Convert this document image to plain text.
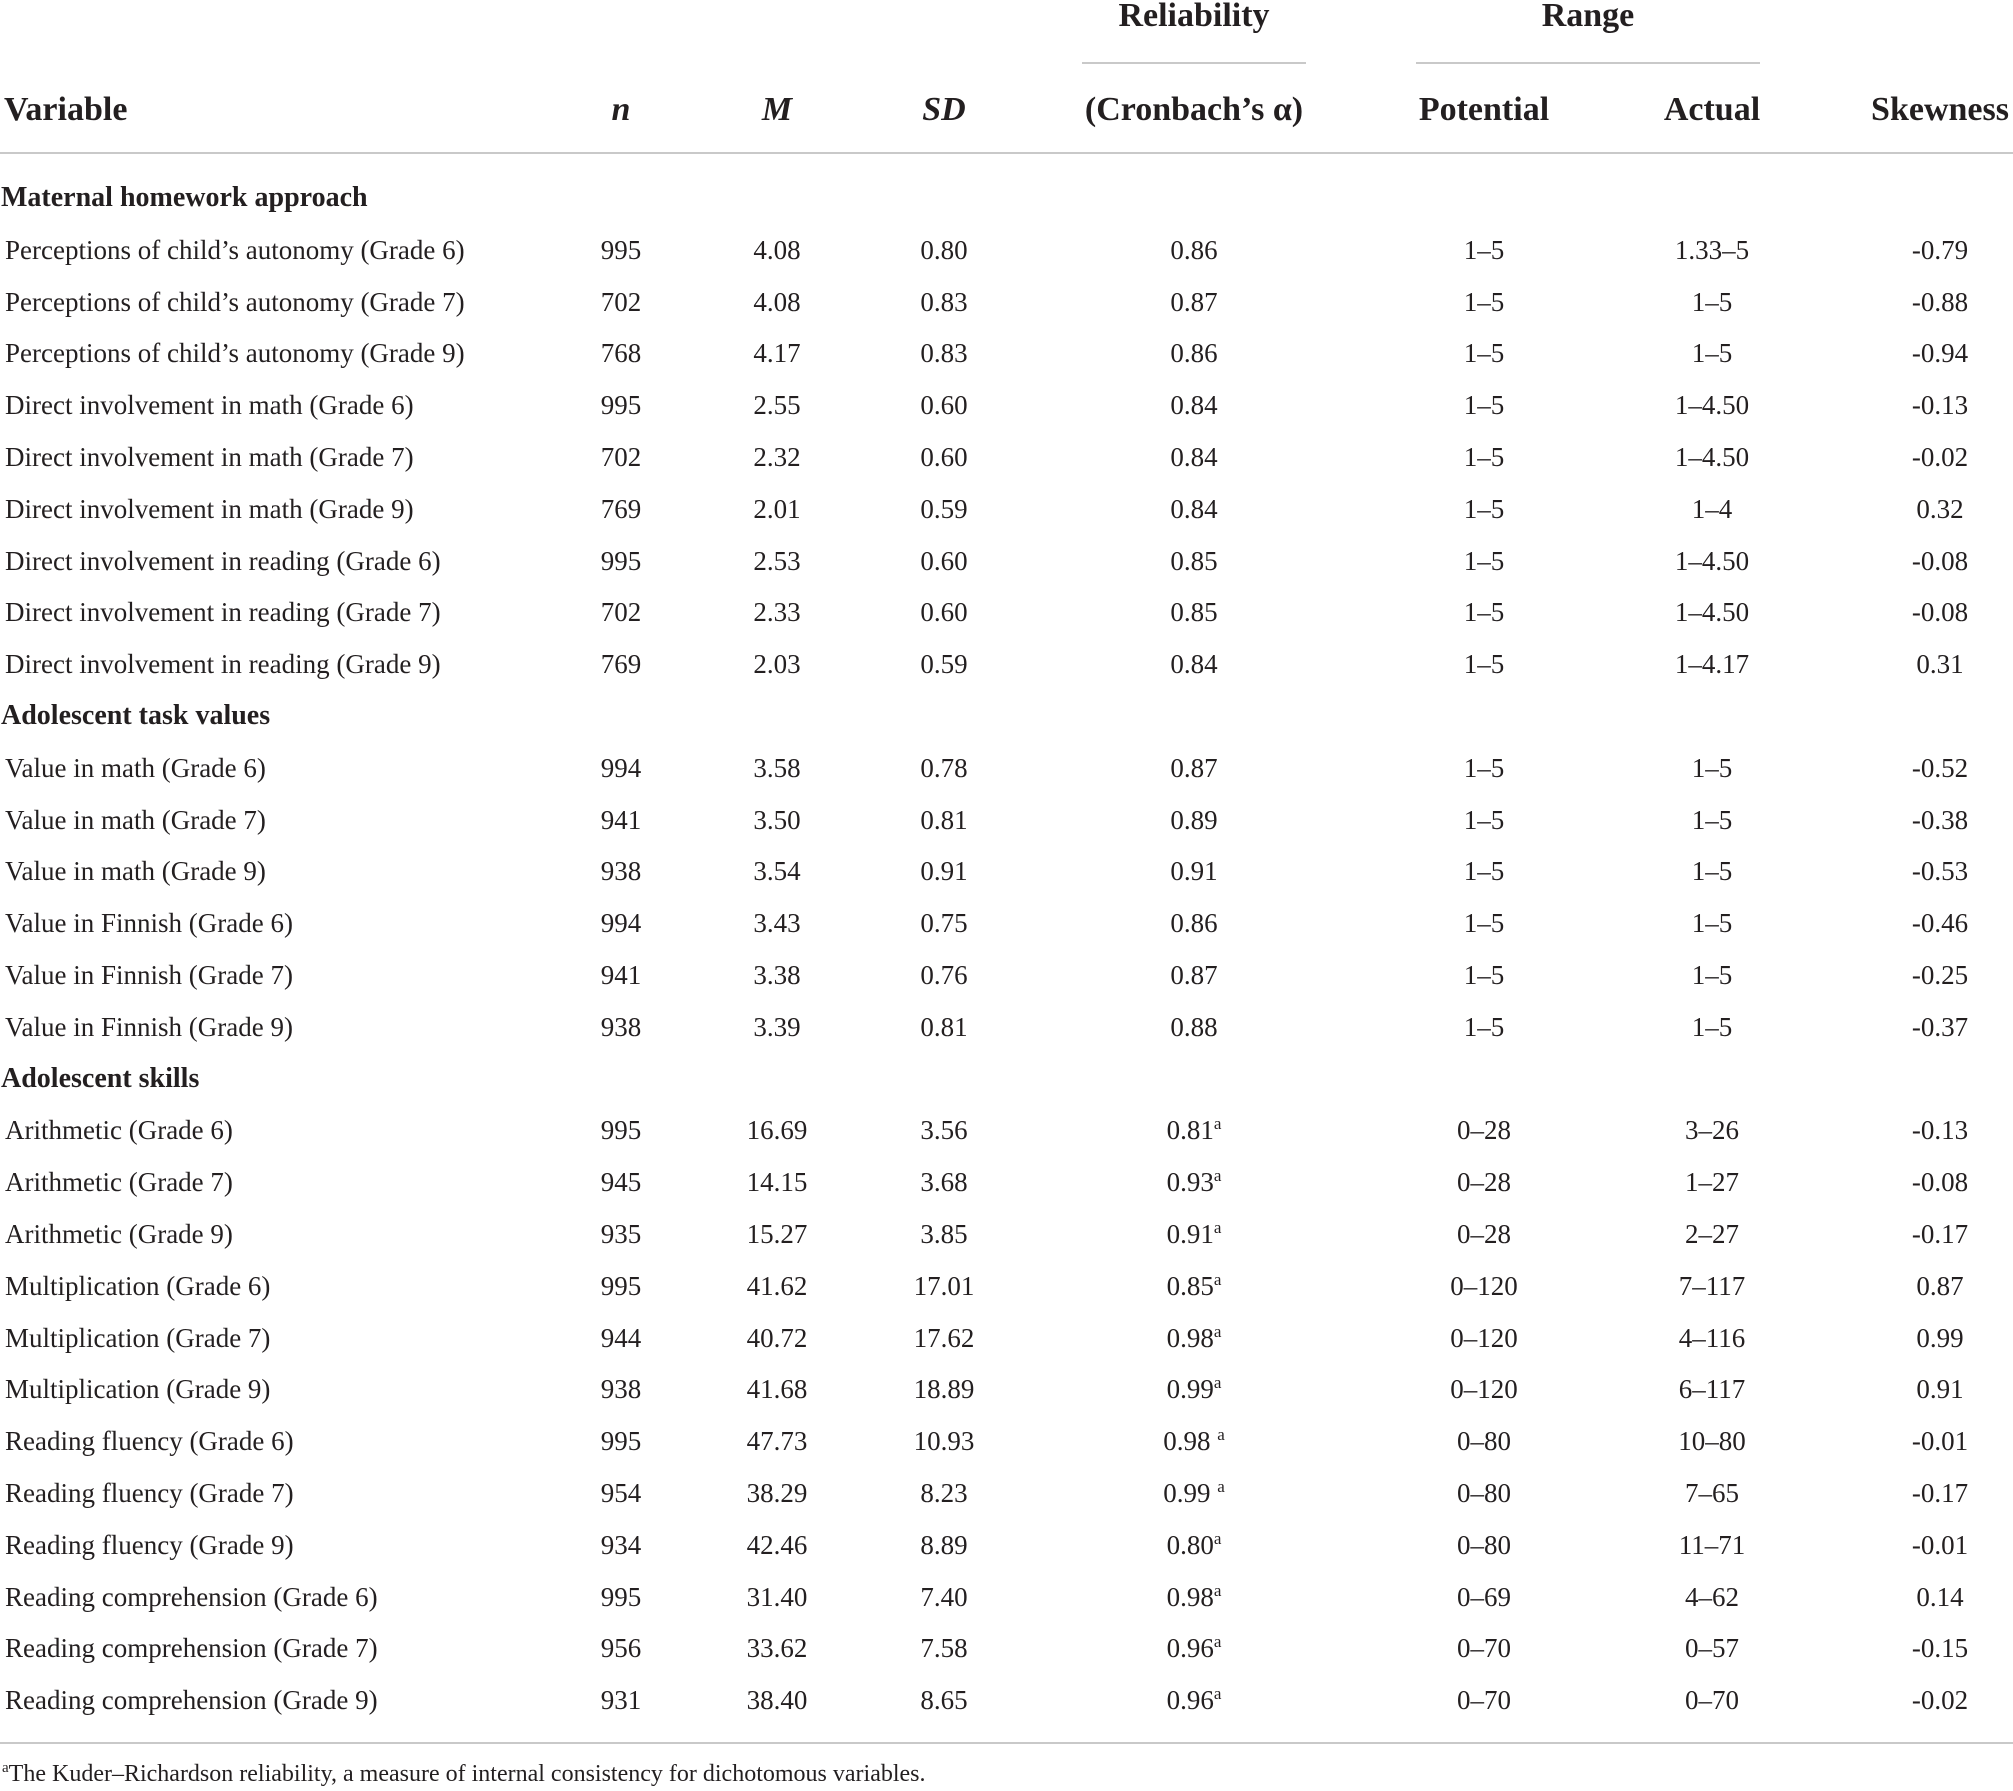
Reliability	Range
Variable	n	M	SD	(Cronbach’s α)	Potential	Actual	Skewness
Maternal homework approach
Perceptions of child’s autonomy (Grade 6)	995	4.08	0.80	0.86	1–5	1.33–5	-0.79
Perceptions of child’s autonomy (Grade 7)	702	4.08	0.83	0.87	1–5	1–5	-0.88
Perceptions of child’s autonomy (Grade 9)	768	4.17	0.83	0.86	1–5	1–5	-0.94
Direct involvement in math (Grade 6)	995	2.55	0.60	0.84	1–5	1–4.50	-0.13
Direct involvement in math (Grade 7)	702	2.32	0.60	0.84	1–5	1–4.50	-0.02
Direct involvement in math (Grade 9)	769	2.01	0.59	0.84	1–5	1–4	0.32
Direct involvement in reading (Grade 6)	995	2.53	0.60	0.85	1–5	1–4.50	-0.08
Direct involvement in reading (Grade 7)	702	2.33	0.60	0.85	1–5	1–4.50	-0.08
Direct involvement in reading (Grade 9)	769	2.03	0.59	0.84	1–5	1–4.17	0.31
Adolescent task values
Value in math (Grade 6)	994	3.58	0.78	0.87	1–5	1–5	-0.52
Value in math (Grade 7)	941	3.50	0.81	0.89	1–5	1–5	-0.38
Value in math (Grade 9)	938	3.54	0.91	0.91	1–5	1–5	-0.53
Value in Finnish (Grade 6)	994	3.43	0.75	0.86	1–5	1–5	-0.46
Value in Finnish (Grade 7)	941	3.38	0.76	0.87	1–5	1–5	-0.25
Value in Finnish (Grade 9)	938	3.39	0.81	0.88	1–5	1–5	-0.37
Adolescent skills
Arithmetic (Grade 6)	995	16.69	3.56	0.81$^a$	0–28	3–26	-0.13
Arithmetic (Grade 7)	945	14.15	3.68	0.93$^a$	0–28	1–27	-0.08
Arithmetic (Grade 9)	935	15.27	3.85	0.91$^a$	0–28	2–27	-0.17
Multiplication (Grade 6)	995	41.62	17.01	0.85$^a$	0–120	7–117	0.87
Multiplication (Grade 7)	944	40.72	17.62	0.98$^a$	0–120	4–116	0.99
Multiplication (Grade 9)	938	41.68	18.89	0.99$^a$	0–120	6–117	0.91
Reading fluency (Grade 6)	995	47.73	10.93	0.98 $^a$	0–80	10–80	-0.01
Reading fluency (Grade 7)	954	38.29	8.23	0.99 $^a$	0–80	7–65	-0.17
Reading fluency (Grade 9)	934	42.46	8.89	0.80$^a$	0–80	11–71	-0.01
Reading comprehension (Grade 6)	995	31.40	7.40	0.98$^a$	0–69	4–62	0.14
Reading comprehension (Grade 7)	956	33.62	7.58	0.96$^a$	0–70	0–57	-0.15
Reading comprehension (Grade 9)	931	38.40	8.65	0.96$^a$	0–70	0–70	-0.02
$^a$The Kuder–Richardson reliability, a measure of internal consistency for dichotomous variables.
